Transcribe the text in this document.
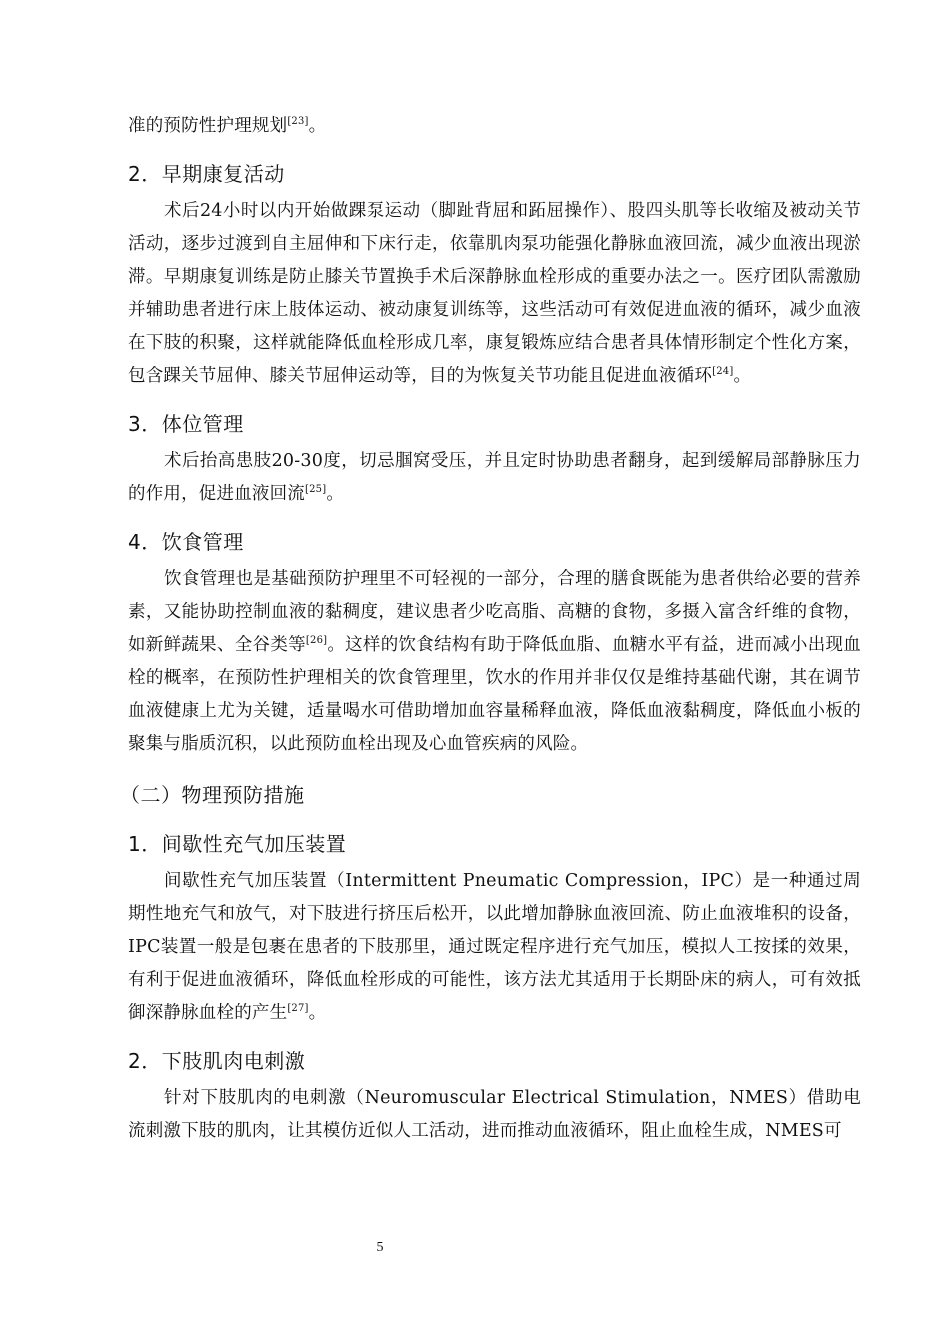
准的预防性护理规划[23]。

2．早期康复活动

术后24小时以内开始做踝泵运动（脚趾背屈和跖屈操作）、股四头肌等长收缩及被动关节活动，逐步过渡到自主屈伸和下床行走，依靠肌肉泵功能强化静脉血液回流，减少血液出现淤滞。早期康复训练是防止膝关节置换手术后深静脉血栓形成的重要办法之一。医疗团队需激励并辅助患者进行床上肢体运动、被动康复训练等，这些活动可有效促进血液的循环，减少血液在下肢的积聚，这样就能降低血栓形成几率，康复锻炼应结合患者具体情形制定个性化方案，包含踝关节屈伸、膝关节屈伸运动等，目的为恢复关节功能且促进血液循环[24]。

3．体位管理

术后抬高患肢20-30度，切忌腘窝受压，并且定时协助患者翻身，起到缓解局部静脉压力的作用，促进血液回流[25]。

4．饮食管理

饮食管理也是基础预防护理里不可轻视的一部分，合理的膳食既能为患者供给必要的营养素，又能协助控制血液的黏稠度，建议患者少吃高脂、高糖的食物，多摄入富含纤维的食物，如新鲜蔬果、全谷类等[26]。这样的饮食结构有助于降低血脂、血糖水平有益，进而减小出现血栓的概率，在预防性护理相关的饮食管理里，饮水的作用并非仅仅是维持基础代谢，其在调节血液健康上尤为关键，适量喝水可借助增加血容量稀释血液，降低血液黏稠度，降低血小板的聚集与脂质沉积，以此预防血栓出现及心血管疾病的风险。

（二）物理预防措施
1．间歇性充气加压装置

间歇性充气加压装置（Intermittent Pneumatic Compression，IPC）是一种通过周期性地充气和放气，对下肢进行挤压后松开，以此增加静脉血液回流、防止血液堆积的设备，IPC装置一般是包裹在患者的下肢那里，通过既定程序进行充气加压，模拟人工按揉的效果，有利于促进血液循环，降低血栓形成的可能性，该方法尤其适用于长期卧床的病人，可有效抵御深静脉血栓的产生[27]。

2．下肢肌肉电刺激

针对下肢肌肉的电刺激（Neuromuscular Electrical Stimulation，NMES）借助电流刺激下肢的肌肉，让其模仿近似人工活动，进而推动血液循环，阻止血栓生成，NMES可

5
